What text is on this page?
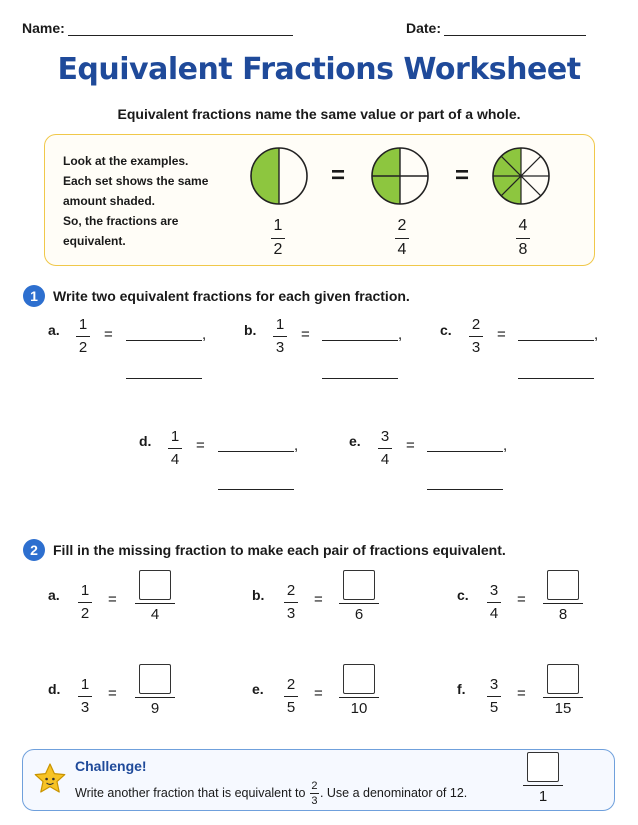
Name:	Date:
Equivalent Fractions Worksheet
Equivalent fractions name the same value or part of a whole.
Look at the examples.
Each set shows the same
amount shaded.
So, the fractions are
equivalent.
=	=
1
2
2
4
4
8
1	Write two equivalent fractions for each given fraction.
a. 1
2
=	,	b. 1
3
=	,	c. 2
3
=	,
d. 1
4
=	,	e. 3
4
=	,
2	Fill in the missing fraction to make each pair of fractions equivalent.
a. 1
2
=
4
b. 2
3
=
6
c. 3
4
=
8
d. 1
3
=
9
e. 2
5
=
10
f. 3
5
=
15
Challenge!
Write another fraction that is equivalent to $\frac{2}{3}$ . Use a denominator of 12.	1
